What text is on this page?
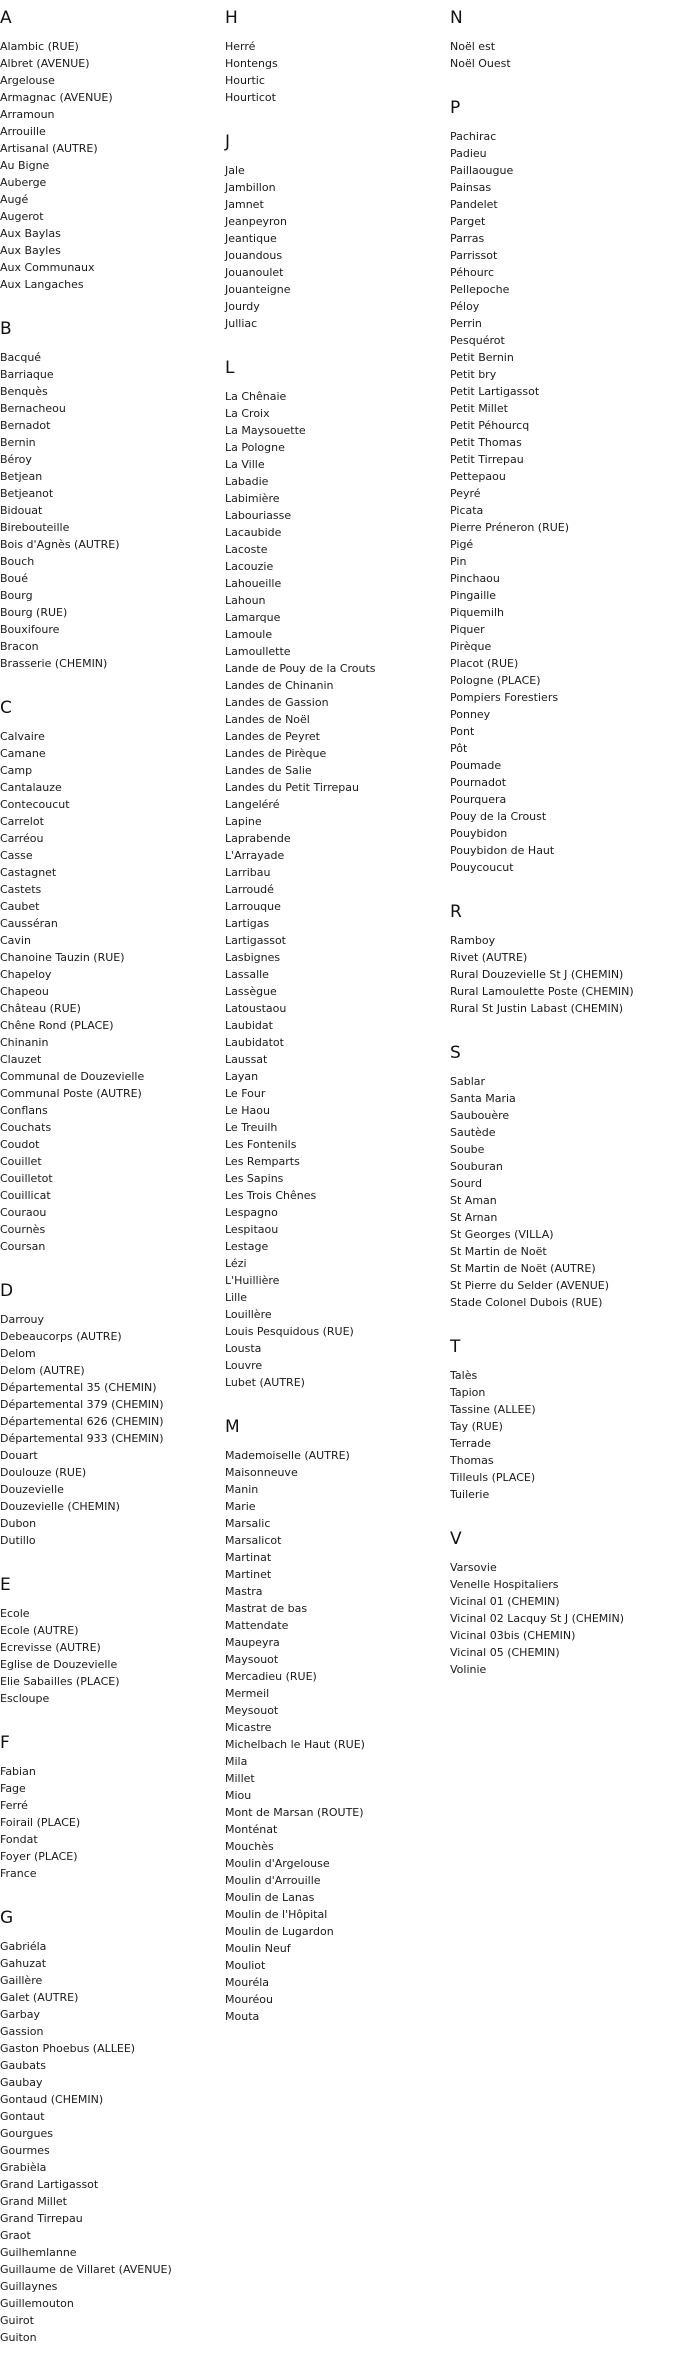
A
Alambic (RUE)
Albret (AVENUE)
Argelouse
Armagnac (AVENUE)
Arramoun
Arrouille
Artisanal (AUTRE)
Au Bigne
Auberge
Augé
Augerot
Aux Baylas
Aux Bayles
Aux Communaux
Aux Langaches
B
Bacqué
Barriaque
Benquès
Bernacheou
Bernadot
Bernin
Béroy
Betjean
Betjeanot
Bidouat
Birebouteille
Bois d'Agnès (AUTRE)
Bouch
Boué
Bourg
Bourg (RUE)
Bouxifoure
Bracon
Brasserie (CHEMIN)
C
Calvaire
Camane
Camp
Cantalauze
Contecoucut
Carrelot
Carréou
Casse
Castagnet
Castets
Caubet
Causséran
Cavin
Chanoine Tauzin (RUE)
Chapeloy
Chapeou
Château (RUE)
Chêne Rond (PLACE)
Chinanin
Clauzet
Communal de Douzevielle
Communal Poste (AUTRE)
Conflans
Couchats
Coudot
Couillet
Couilletot
Couillicat
Couraou
Cournès
Coursan
D
Darrouy
Debeaucorps (AUTRE)
Delom
Delom (AUTRE)
Départemental 35 (CHEMIN)
Départemental 379 (CHEMIN)
Départemental 626 (CHEMIN)
Départemental 933 (CHEMIN)
Douart
Doulouze (RUE)
Douzevielle
Douzevielle (CHEMIN)
Dubon
Dutillo
E
Ecole
Ecole (AUTRE)
Ecrevisse (AUTRE)
Eglise de Douzevielle
Elie Sabailles (PLACE)
Escloupe
F
Fabian
Fage
Ferré
Foirail (PLACE)
Fondat
Foyer (PLACE)
France
G
Gabriéla
Gahuzat
Gaillère
Galet (AUTRE)
Garbay
Gassion
Gaston Phoebus (ALLEE)
Gaubats
Gaubay
Gontaud (CHEMIN)
Gontaut
Gourgues
Gourmes
Grabièla
Grand Lartigassot
Grand Millet
Grand Tirrepau
Graot
Guilhemlanne
Guillaume de Villaret (AVENUE)
Guillaynes
Guillemouton
Guirot
Guiton
H
Herré
Hontengs
Hourtic
Hourticot
J
Jale
Jambillon
Jamnet
Jeanpeyron
Jeantique
Jouandous
Jouanoulet
Jouanteigne
Jourdy
Julliac
L
La Chênaie
La Croix
La Maysouette
La Pologne
La Ville
Labadie
Labimière
Labouriasse
Lacaubide
Lacoste
Lacouzie
Lahoueille
Lahoun
Lamarque
Lamoule
Lamoullette
Lande de Pouy de la Crouts
Landes de Chinanin
Landes de Gassion
Landes de Noël
Landes de Peyret
Landes de Pirèque
Landes de Salie
Landes du Petit Tirrepau
Langeléré
Lapine
Laprabende
L'Arrayade
Larribau
Larroudé
Larrouque
Lartigas
Lartigassot
Lasbignes
Lassalle
Lassègue
Latoustaou
Laubidat
Laubidatot
Laussat
Layan
Le Four
Le Haou
Le Treuilh
Les Fontenils
Les Remparts
Les Sapins
Les Trois Chênes
Lespagno
Lespitaou
Lestage
Lézi
L'Huillière
Lille
Louillère
Louis Pesquidous (RUE)
Lousta
Louvre
Lubet (AUTRE)
M
Mademoiselle (AUTRE)
Maisonneuve
Manin
Marie
Marsalic
Marsalicot
Martinat
Martinet
Mastra
Mastrat de bas
Mattendate
Maupeyra
Maysouot
Mercadieu (RUE)
Mermeil
Meysouot
Micastre
Michelbach le Haut (RUE)
Mila
Millet
Miou
Mont de Marsan (ROUTE)
Monténat
Mouchès
Moulin d'Argelouse
Moulin d'Arrouille
Moulin de Lanas
Moulin de l'Hôpital
Moulin de Lugardon
Moulin Neuf
Mouliot
Mouréla
Mouréou
Mouta
N
Noël est
Noël Ouest
P
Pachirac
Padieu
Paillaougue
Painsas
Pandelet
Parget
Parras
Parrissot
Péhourc
Pellepoche
Péloy
Perrin
Pesquérot
Petit Bernin
Petit bry
Petit Lartigassot
Petit Millet
Petit Péhourcq
Petit Thomas
Petit Tirrepau
Pettepaou
Peyré
Picata
Pierre Préneron (RUE)
Pigé
Pin
Pinchaou
Pingaille
Piquemilh
Piquer
Pirèque
Placot (RUE)
Pologne (PLACE)
Pompiers Forestiers
Ponney
Pont
Pôt
Poumade
Pournadot
Pourquera
Pouy de la Croust
Pouybidon
Pouybidon de Haut
Pouycoucut
R
Ramboy
Rivet (AUTRE)
Rural Douzevielle St J (CHEMIN)
Rural Lamoulette Poste (CHEMIN)
Rural St Justin Labast (CHEMIN)
S
Sablar
Santa Maria
Saubouère
Sautède
Soube
Souburan
Sourd
St Aman
St Arnan
St Georges (VILLA)
St Martin de Noët
St Martin de Noët (AUTRE)
St Pierre du Selder (AVENUE)
Stade Colonel Dubois (RUE)
T
Talès
Tapion
Tassine (ALLEE)
Tay (RUE)
Terrade
Thomas
Tilleuls (PLACE)
Tuilerie
V
Varsovie
Venelle Hospitaliers
Vicinal 01 (CHEMIN)
Vicinal 02 Lacquy St J (CHEMIN)
Vicinal 03bis (CHEMIN)
Vicinal 05 (CHEMIN)
Volinie
